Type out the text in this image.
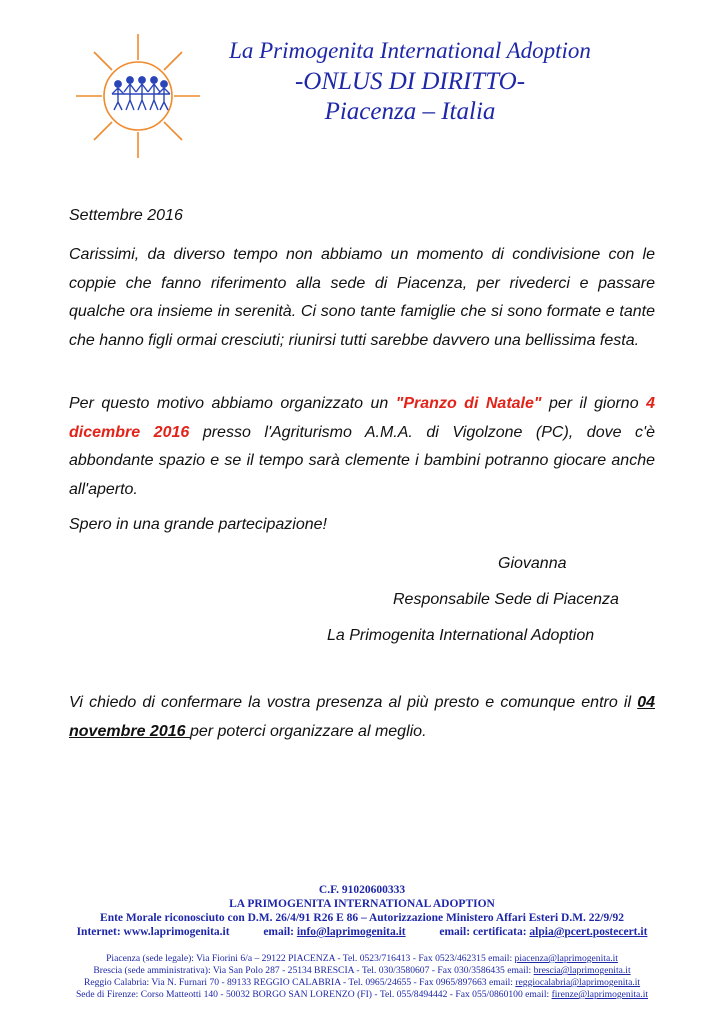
La Primogenita International Adoption
-ONLUS DI DIRITTO-
Piacenza – Italia
Settembre 2016
Carissimi, da diverso tempo non abbiamo un momento di condivisione con le coppie che fanno riferimento alla sede di Piacenza, per rivederci e passare qualche ora insieme in serenità. Ci sono tante famiglie che si sono formate e tante che hanno figli ormai cresciuti; riunirsi tutti sarebbe davvero una bellissima festa.
Per questo motivo abbiamo organizzato un "Pranzo di Natale" per il giorno 4 dicembre 2016 presso l'Agriturismo A.M.A. di Vigolzone (PC), dove c'è abbondante spazio e se il tempo sarà clemente i bambini potranno giocare anche all'aperto.
Spero in una grande partecipazione!
Giovanna
Responsabile Sede di Piacenza
La Primogenita International Adoption
Vi chiedo di confermare la vostra presenza al più presto e comunque entro il 04 novembre 2016 per poterci organizzare al meglio.
C.F. 91020600333
LA PRIMOGENITA INTERNATIONAL ADOPTION
Ente Morale riconosciuto con D.M. 26/4/91 R26 E 86 – Autorizzazione Ministero Affari Esteri D.M. 22/9/92
Internet: www.laprimogenita.it	email: info@laprimogenita.it	email: certificata: alpia@pcert.postecert.it
Piacenza (sede legale): Via Fiorini 6/a – 29122 PIACENZA - Tel. 0523/716413 - Fax 0523/462315 email: piacenza@laprimogenita.it
Brescia (sede amministrativa): Via San Polo 287 - 25134 BRESCIA - Tel. 030/3580607 - Fax 030/3586435 email: brescia@laprimogenita.it
Reggio Calabria: Via N. Furnari 70 - 89133 REGGIO CALABRIA - Tel. 0965/24655 - Fax 0965/897663 email: reggiocalabria@laprimogenita.it
Sede di Firenze: Corso Matteotti 140 - 50032 BORGO SAN LORENZO (FI) - Tel. 055/8494442 - Fax 055/0860100 email: firenze@laprimogenita.it
